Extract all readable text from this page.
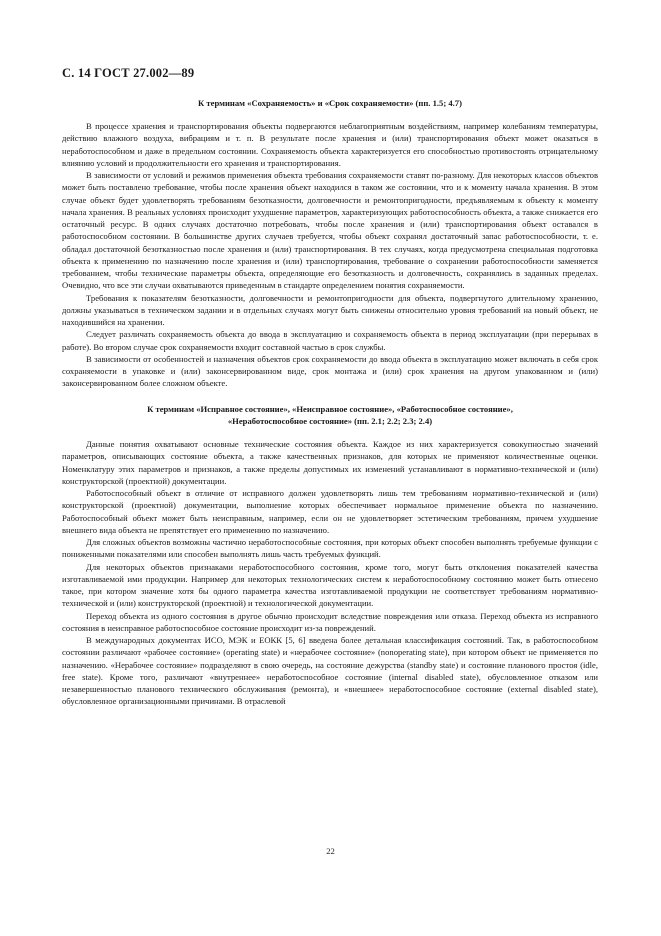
С. 14 ГОСТ 27.002—89
К терминам «Сохраняемость» и «Срок сохраняемости» (пп. 1.5; 4.7)

В процессе хранения и транспортирования объекты подвергаются неблагоприятным воздействиям, например колебаниям температуры, действию влажного воздуха, вибрациям и т. п. В результате после хранения и (или) транспортирования объект может оказаться в неработоспособном и даже в предельном состоянии. Сохраняемость объекта характеризуется его способностью противостоять отрицательному влиянию условий и продолжительности его хранения и транспортирования.

В зависимости от условий и режимов применения объекта требования сохраняемости ставят по-разному. Для некоторых классов объектов может быть поставлено требование, чтобы после хранения объект находился в таком же состоянии, что и к моменту начала хранения. В этом случае объект будет удовлетворять требованиям безотказности, долговечности и ремонтопригодности, предъявляемым к объекту к моменту начала хранения. В реальных условиях происходит ухудшение параметров, характеризующих работоспособность объекта, а также снижается его остаточный ресурс. В одних случаях достаточно потребовать, чтобы после хранения и (или) транспортирования объект оставался в работоспособном состоянии. В большинстве других случаев требуется, чтобы объект сохранял достаточный запас работоспособности, т. е. обладал достаточной безотказностью после хранения и (или) транспортирования. В тех случаях, когда предусмотрена специальная подготовка объекта к применению по назначению после хранения и (или) транспортирования, требование о сохранении работоспособности заменяется требованием, чтобы технические параметры объекта, определяющие его безотказность и долговечность, сохранялись в заданных пределах. Очевидно, что все эти случаи охватываются приведенным в стандарте определением понятия сохраняемости.

Требования к показателям безотказности, долговечности и ремонтопригодности для объекта, подвергнутого длительному хранению, должны указываться в техническом задании и в отдельных случаях могут быть снижены относительно уровня требований на новый объект, не находившийся на хранении.

Следует различать сохраняемость объекта до ввода в эксплуатацию и сохраняемость объекта в период эксплуатации (при перерывах в работе). Во втором случае срок сохраняемости входит составной частью в срок службы.

В зависимости от особенностей и назначения объектов срок сохраняемости до ввода объекта в эксплуатацию может включать в себя срок сохраняемости в упаковке и (или) законсервированном виде, срок монтажа и (или) срок хранения на другом упакованном и (или) законсервированном более сложном объекте.

К терминам «Исправное состояние», «Неисправное состояние», «Работоспособное состояние»,
«Неработоспособное состояние» (пп. 2.1; 2.2; 2.3; 2.4)

Данные понятия охватывают основные технические состояния объекта. Каждое из них характеризуется совокупностью значений параметров, описывающих состояние объекта, а также качественных признаков, для которых не применяют количественные оценки. Номенклатуру этих параметров и признаков, а также пределы допустимых их изменений устанавливают в нормативно-технической и (или) конструкторской (проектной) документации.

Работоспособный объект в отличие от исправного должен удовлетворять лишь тем требованиям нормативно-технической и (или) конструкторской (проектной) документации, выполнение которых обеспечивает нормальное применение объекта по назначению. Работоспособный объект может быть неисправным, например, если он не удовлетворяет эстетическим требованиям, причем ухудшение внешнего вида объекта не препятствует его применению по назначению.

Для сложных объектов возможны частично неработоспособные состояния, при которых объект способен выполнять требуемые функции с пониженными показателями или способен выполнять лишь часть требуемых функций.

Для некоторых объектов признаками неработоспособного состояния, кроме того, могут быть отклонения показателей качества изготавливаемой ими продукции. Например для некоторых технологических систем к неработоспособному состоянию может быть отнесено такое, при котором значение хотя бы одного параметра качества изготавливаемой продукции не соответствует требованиям нормативно-технической и (или) конструкторской (проектной) и технологической документации.

Переход объекта из одного состояния в другое обычно происходит вследствие повреждения или отказа. Переход объекта из исправного состояния в неисправное работоспособное состояние происходит из-за повреждений.

В международных документах ИСО, МЭК и ЕОКК [5, 6] введена более детальная классификация состояний. Так, в работоспособном состоянии различают «рабочее состояние» (operating state) и «нерабочее состояние» (nonoperating state), при котором объект не применяется по назначению. «Нерабочее состояние» подразделяют в свою очередь, на состояние дежурства (standby state) и состояние планового простоя (idle, free state). Кроме того, различают «внутреннее» неработоспособное состояние (internal disabled state), обусловленное отказом или незавершенностью планового технического обслуживания (ремонта), и «внешнее» неработоспособное состояние (external disabled state), обусловленное организационными причинами. В отраслевой

22
